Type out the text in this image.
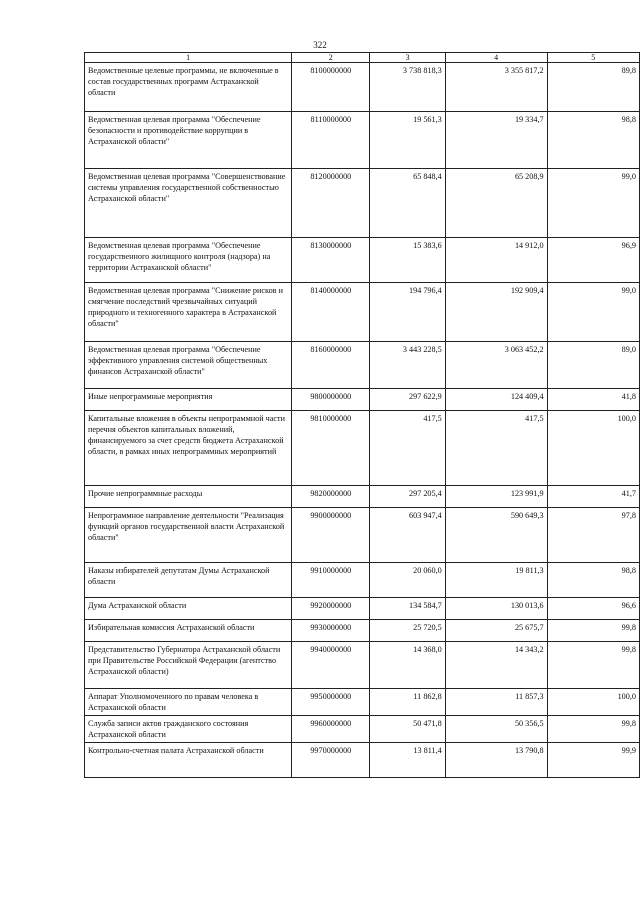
322
1	2	3	4	5
Ведомственные целевые программы, не включенные в состав государственных программ Астраханской области	8100000000	3 738 818,3	3 355 817,2	89,8
Ведомственная целевая программа "Обеспечение безопасности и противодействие коррупции в Астраханской области"	8110000000	19 561,3	19 334,7	98,8
Ведомственная целевая программа "Совершенствование системы управления государственной собственностью Астраханской области"	8120000000	65 848,4	65 208,9	99,0
Ведомственная целевая программа "Обеспечение государственного жилищного контроля (надзора) на территории Астраханской области"	8130000000	15 383,6	14 912,0	96,9
Ведомственная целевая программа "Снижение рисков и смягчение последствий чрезвычайных ситуаций природного и техногенного характера в Астраханской области"	8140000000	194 796,4	192 909,4	99,0
Ведомственная целевая программа "Обеспечение эффективного управления системой общественных финансов Астраханской области"	8160000000	3 443 228,5	3 063 452,2	89,0
Иные непрограммные мероприятия	9800000000	297 622,9	124 409,4	41,8
Капитальные вложения в объекты непрограммной части перечня объектов капитальных вложений, финансируемого за счет средств бюджета Астраханской области, в рамках иных непрограммных мероприятий	9810000000	417,5	417,5	100,0
Прочие непрограммные расходы	9820000000	297 205,4	123 991,9	41,7
Непрограммное направление деятельности "Реализация функций органов государственной власти Астраханской области"	9900000000	603 947,4	590 649,3	97,8
Наказы избирателей депутатам Думы Астраханской области	9910000000	20 060,0	19 811,3	98,8
Дума Астраханской области	9920000000	134 584,7	130 013,6	96,6
Избирательная комиссия Астраханской области	9930000000	25 720,5	25 675,7	99,8
Представительство Губернатора Астраханской области при Правительстве Российской Федерации (агентство Астраханской области)	9940000000	14 368,0	14 343,2	99,8
Аппарат Уполномоченного по правам человека в Астраханской области	9950000000	11 862,8	11 857,3	100,0
Служба записи актов гражданского состояния Астраханской области	9960000000	50 471,8	50 356,5	99,8
Контрольно-счетная палата Астраханской области	9970000000	13 811,4	13 790,8	99,9
